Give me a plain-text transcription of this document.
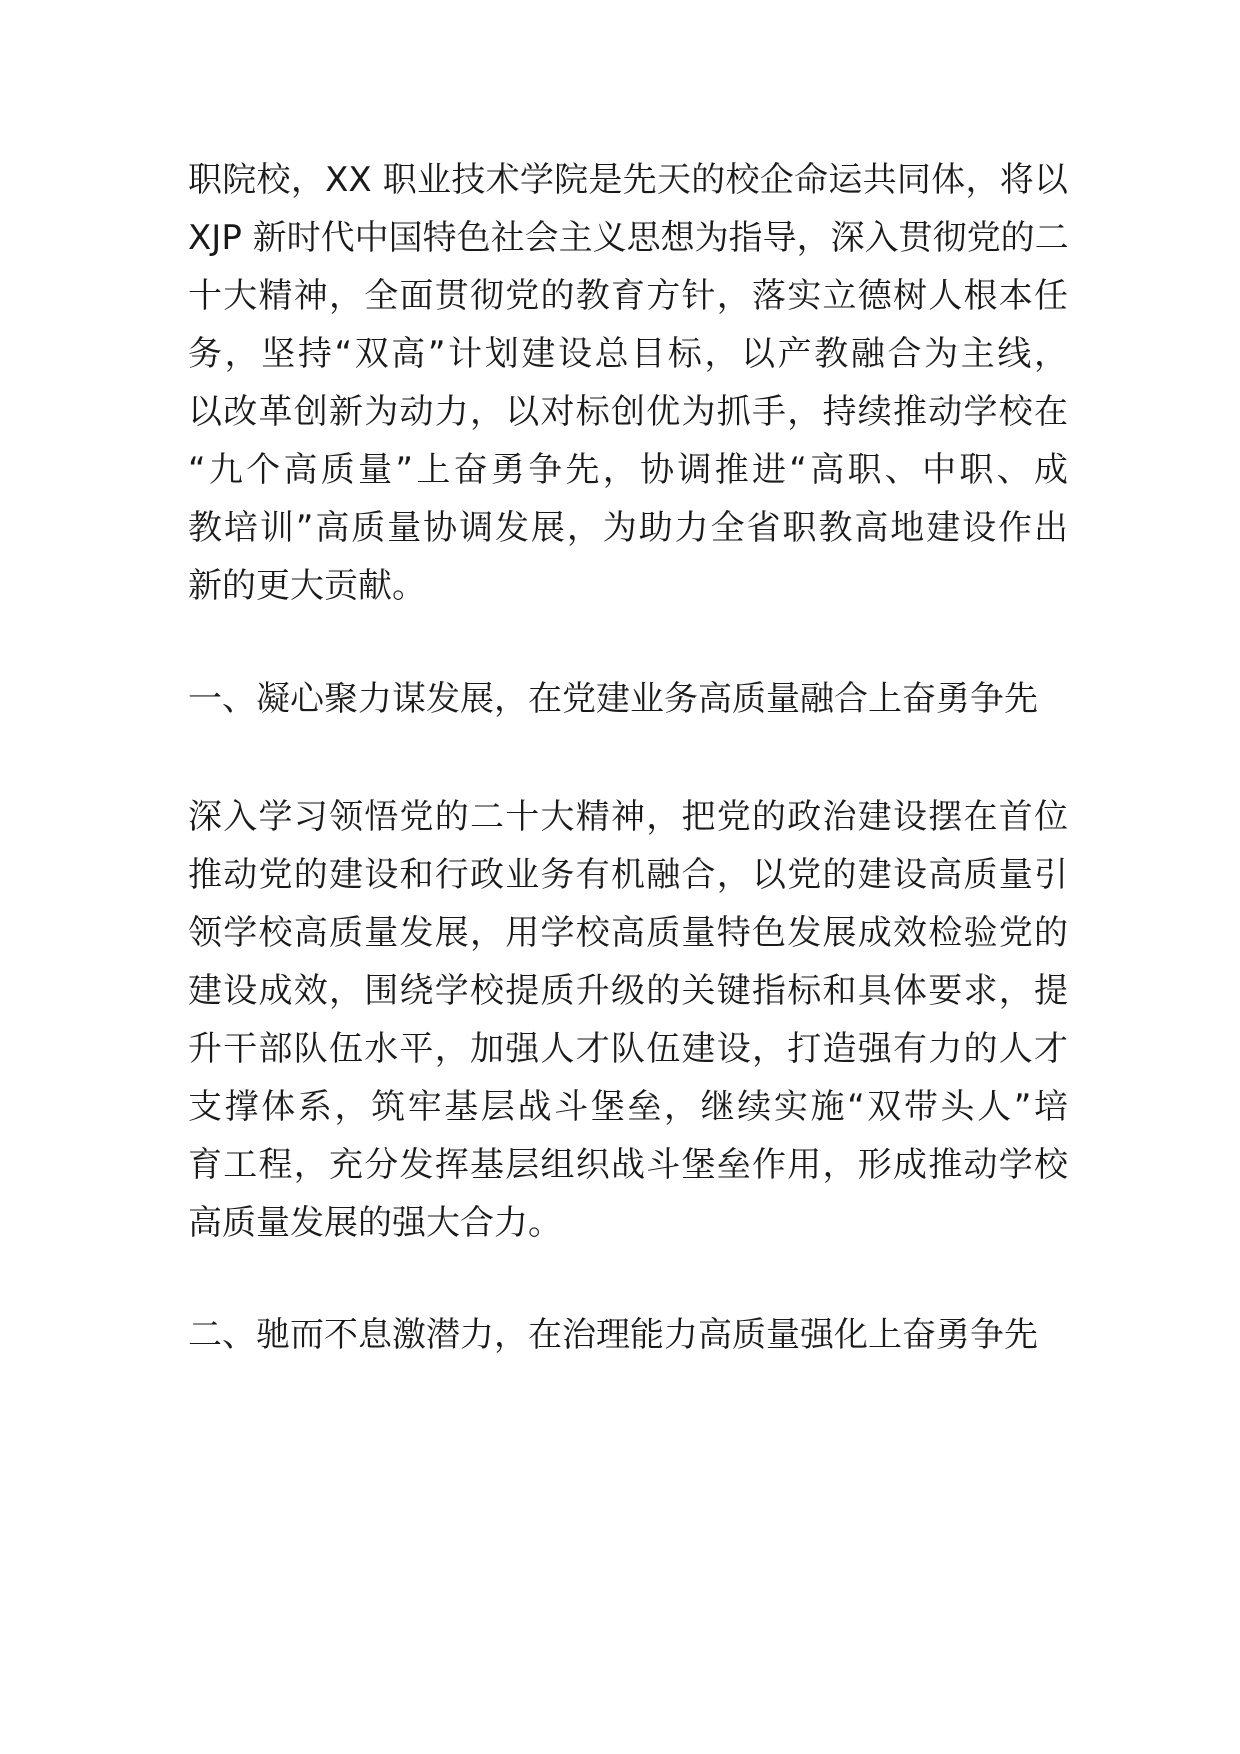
职院校，XX 职业技术学院是先天的校企命运共同体，将以
XJP 新时代中国特色社会主义思想为指导，深入贯彻党的二
十大精神，全面贯彻党的教育方针，落实立德树人根本任
务，坚持“双高”计划建设总目标，以产教融合为主线，
以改革创新为动力，以对标创优为抓手，持续推动学校在
“九个高质量”上奋勇争先，协调推进“高职、中职、成
教培训”高质量协调发展，为助力全省职教高地建设作出
新的更大贡献。
一、凝心聚力谋发展，在党建业务高质量融合上奋勇争先
深入学习领悟党的二十大精神，把党的政治建设摆在首位
推动党的建设和行政业务有机融合，以党的建设高质量引
领学校高质量发展，用学校高质量特色发展成效检验党的
建设成效，围绕学校提质升级的关键指标和具体要求，提
升干部队伍水平，加强人才队伍建设，打造强有力的人才
支撑体系，筑牢基层战斗堡垒，继续实施“双带头人”培
育工程，充分发挥基层组织战斗堡垒作用，形成推动学校
高质量发展的强大合力。
二、驰而不息激潜力，在治理能力高质量强化上奋勇争先
